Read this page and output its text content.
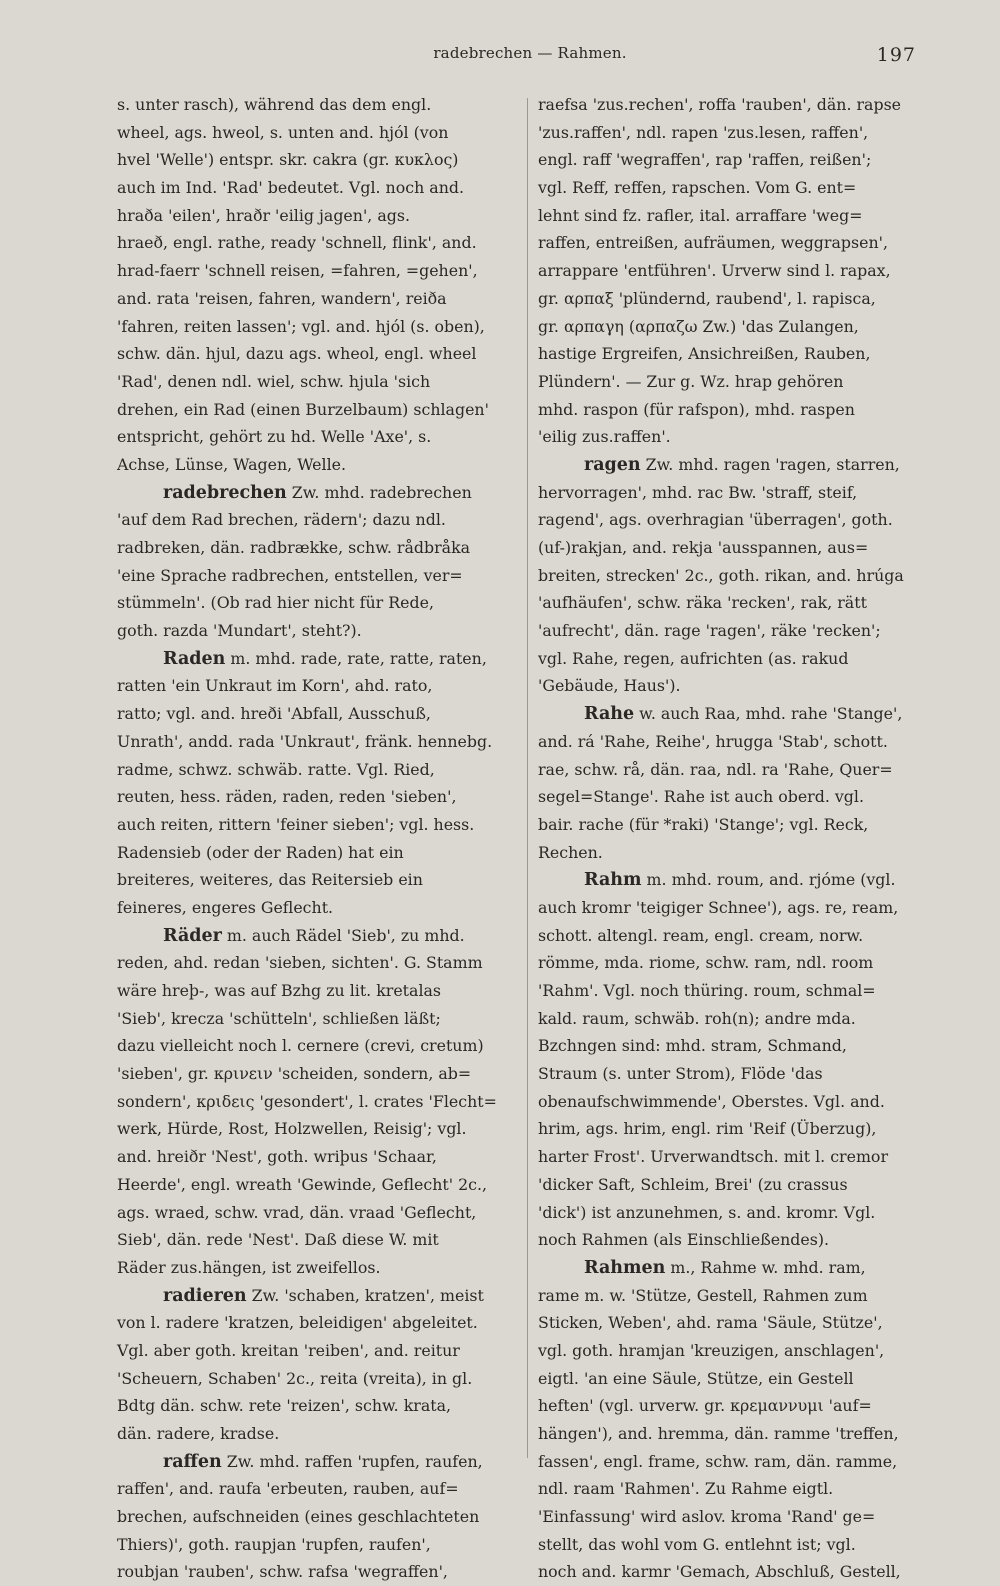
radebrechen — Rahmen.	197
s. unter rasch), während das dem engl.
wheel, ags. hweol, s. unten and. hjól (von
hvel 'Welle') entspr. skr. cakra (gr. κυκλος)
auch im Ind. 'Rad' bedeutet. Vgl. noch and.
hraða 'eilen', hraðr 'eilig jagen', ags.
hraeð, engl. rathe, ready 'schnell, flink', and.
hrad-faerr 'schnell reisen, =fahren, =gehen',
and. rata 'reisen, fahren, wandern', reiða
'fahren, reiten lassen'; vgl. and. hjól (s. oben),
schw. dän. hjul, dazu ags. wheol, engl. wheel
'Rad', denen ndl. wiel, schw. hjula 'sich
drehen, ein Rad (einen Burzelbaum) schlagen'
entspricht, gehört zu hd. Welle 'Axe', s.
Achse, Lünse, Wagen, Welle.
radebrechen Zw. mhd. radebrechen
'auf dem Rad brechen, rädern'; dazu ndl.
radbreken, dän. radbrække, schw. rådbråka
'eine Sprache radbrechen, entstellen, ver=
stümmeln'. (Ob rad hier nicht für Rede,
goth. razda 'Mundart', steht?).
Raden m. mhd. rade, rate, ratte, raten,
ratten 'ein Unkraut im Korn', ahd. rato,
ratto; vgl. and. hreði 'Abfall, Ausschuß,
Unrath', andd. rada 'Unkraut', fränk. hennebg.
radme, schwz. schwäb. ratte. Vgl. Ried,
reuten, hess. räden, raden, reden 'sieben',
auch reiten, rittern 'feiner sieben'; vgl. hess.
Radensieb (oder der Raden) hat ein
breiteres, weiteres, das Reitersieb ein
feineres, engeres Geflecht.
Räder m. auch Rädel 'Sieb', zu mhd.
reden, ahd. redan 'sieben, sichten'. G. Stamm
wäre hreþ-, was auf Bzhg zu lit. kretalas
'Sieb', krecza 'schütteln', schließen läßt;
dazu vielleicht noch l. cernere (crevi, cretum)
'sieben', gr. κρινειν 'scheiden, sondern, ab=
sondern', κριδεις 'gesondert', l. crates 'Flecht=
werk, Hürde, Rost, Holzwellen, Reisig'; vgl.
and. hreiðr 'Nest', goth. wriþus 'Schaar,
Heerde', engl. wreath 'Gewinde, Geflecht' 2c.,
ags. wraed, schw. vrad, dän. vraad 'Geflecht,
Sieb', dän. rede 'Nest'. Daß diese W. mit
Räder zus.hängen, ist zweifellos.
radieren Zw. 'schaben, kratzen', meist
von l. radere 'kratzen, beleidigen' abgeleitet.
Vgl. aber goth. kreitan 'reiben', and. reitur
'Scheuern, Schaben' 2c., reita (vreita), in gl.
Bdtg dän. schw. rete 'reizen', schw. krata,
dän. radere, kradse.
raffen Zw. mhd. raffen 'rupfen, raufen,
raffen', and. raufa 'erbeuten, rauben, auf=
brechen, aufschneiden (eines geschlachteten
Thiers)', goth. raupjan 'rupfen, raufen',
roubjan 'rauben', schw. rafsa 'wegraffen',
raefsa 'zus.rechen', roffa 'rauben', dän. rapse
'zus.raffen', ndl. rapen 'zus.lesen, raffen',
engl. raff 'wegraffen', rap 'raffen, reißen';
vgl. Reff, reffen, rapschen. Vom G. ent=
lehnt sind fz. rafler, ital. arraffare 'weg=
raffen, entreißen, aufräumen, weggrapsen',
arrappare 'entführen'. Urverw sind l. rapax,
gr. αρπαξ 'plündernd, raubend', l. rapisca,
gr. αρπαγη (αρπαζω Zw.) 'das Zulangen,
hastige Ergreifen, Ansichreißen, Rauben,
Plündern'. — Zur g. Wz. hrap gehören
mhd. raspon (für rafspon), mhd. raspen
'eilig zus.raffen'.
ragen Zw. mhd. ragen 'ragen, starren,
hervorragen', mhd. rac Bw. 'straff, steif,
ragend', ags. overhragian 'überragen', goth.
(uf-)rakjan, and. rekja 'ausspannen, aus=
breiten, strecken' 2c., goth. rikan, and. hrúga
'aufhäufen', schw. räka 'recken', rak, rätt
'aufrecht', dän. rage 'ragen', räke 'recken';
vgl. Rahe, regen, aufrichten (as. rakud
'Gebäude, Haus').
Rahe w. auch Raa, mhd. rahe 'Stange',
and. rá 'Rahe, Reihe', hrugga 'Stab', schott.
rae, schw. rå, dän. raa, ndl. ra 'Rahe, Quer=
segel=Stange'. Rahe ist auch oberd. vgl.
bair. rache (für *raki) 'Stange'; vgl. Reck,
Rechen.
Rahm m. mhd. roum, and. rjóme (vgl.
auch kromr 'teigiger Schnee'), ags. re, ream,
schott. altengl. ream, engl. cream, norw.
römme, mda. riome, schw. ram, ndl. room
'Rahm'. Vgl. noch thüring. roum, schmal=
kald. raum, schwäb. roh(n); andre mda.
Bzchngen sind: mhd. stram, Schmand,
Straum (s. unter Strom), Flöde 'das
obenaufschwimmende', Oberstes. Vgl. and.
hrim, ags. hrim, engl. rim 'Reif (Überzug),
harter Frost'. Urverwandtsch. mit l. cremor
'dicker Saft, Schleim, Brei' (zu crassus
'dick') ist anzunehmen, s. and. kromr. Vgl.
noch Rahmen (als Einschließendes).
Rahmen m., Rahme w. mhd. ram,
rame m. w. 'Stütze, Gestell, Rahmen zum
Sticken, Weben', ahd. rama 'Säule, Stütze',
vgl. goth. hramjan 'kreuzigen, anschlagen',
eigtl. 'an eine Säule, Stütze, ein Gestell
heften' (vgl. urverw. gr. κρεμαννυμι 'auf=
hängen'), and. hremma, dän. ramme 'treffen,
fassen', engl. frame, schw. ram, dän. ramme,
ndl. raam 'Rahmen'. Zu Rahme eigtl.
'Einfassung' wird aslov. kroma 'Rand' ge=
stellt, das wohl vom G. entlehnt ist; vgl.
noch and. karmr 'Gemach, Abschluß, Gestell,
